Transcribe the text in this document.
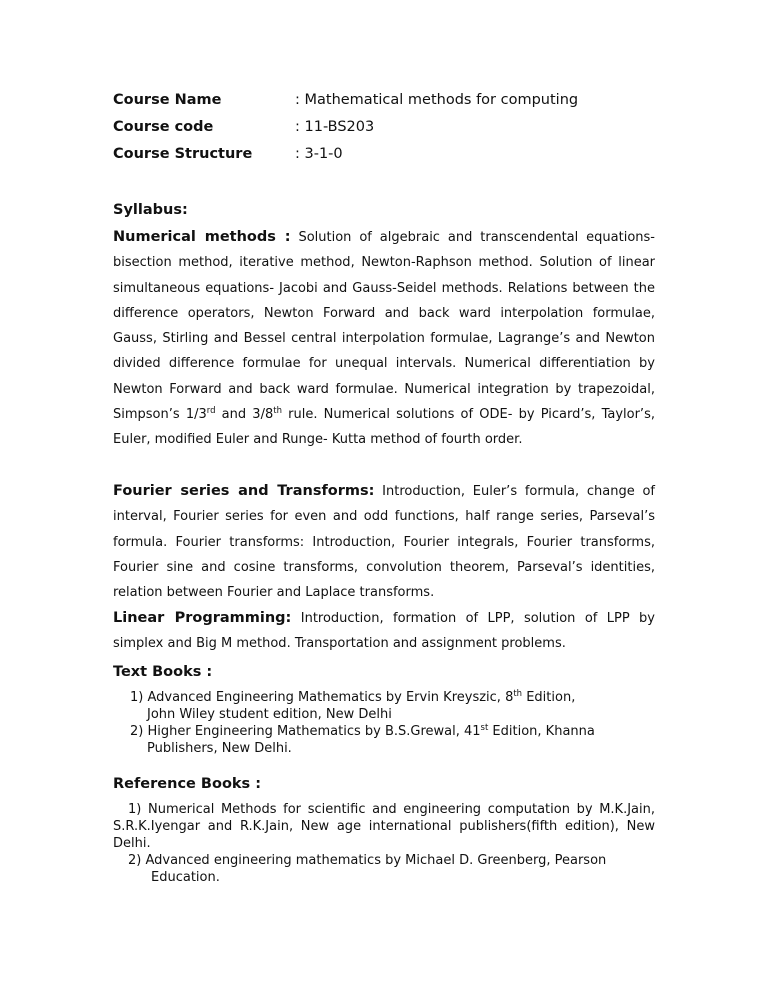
Course Name	: Mathematical methods for computing
Course code	: 11-BS203
Course Structure	: 3-1-0
Syllabus:
Numerical methods : Solution of algebraic and transcendental equations-bisection method, iterative method, Newton-Raphson method. Solution of linear simultaneous equations- Jacobi and Gauss-Seidel methods. Relations between the difference operators, Newton Forward and back ward interpolation formulae, Gauss, Stirling and Bessel central interpolation formulae, Lagrange’s and Newton divided difference formulae for unequal intervals. Numerical differentiation by Newton Forward and back ward formulae. Numerical integration by trapezoidal, Simpson’s 1/3rd and 3/8th rule. Numerical solutions of ODE- by Picard’s, Taylor’s, Euler, modified Euler and Runge- Kutta method of fourth order.
Fourier series and Transforms: Introduction, Euler’s formula, change of interval, Fourier series for even and odd functions, half range series, Parseval’s formula. Fourier transforms: Introduction, Fourier integrals, Fourier transforms, Fourier sine and cosine transforms, convolution theorem, Parseval’s identities, relation between Fourier and Laplace transforms.
Linear Programming: Introduction, formation of LPP, solution of LPP by simplex and Big M method. Transportation and assignment problems.
Text Books :
1) Advanced Engineering Mathematics by Ervin Kreyszic, 8th Edition,
John Wiley student edition, New Delhi
2) Higher Engineering Mathematics by B.S.Grewal, 41st Edition, Khanna
Publishers, New Delhi.
Reference Books :
1) Numerical Methods for scientific and engineering computation by M.K.Jain, S.R.K.Iyengar and R.K.Jain, New age international publishers(fifth edition), New Delhi.
2) Advanced engineering mathematics by Michael D. Greenberg, Pearson
Education.
